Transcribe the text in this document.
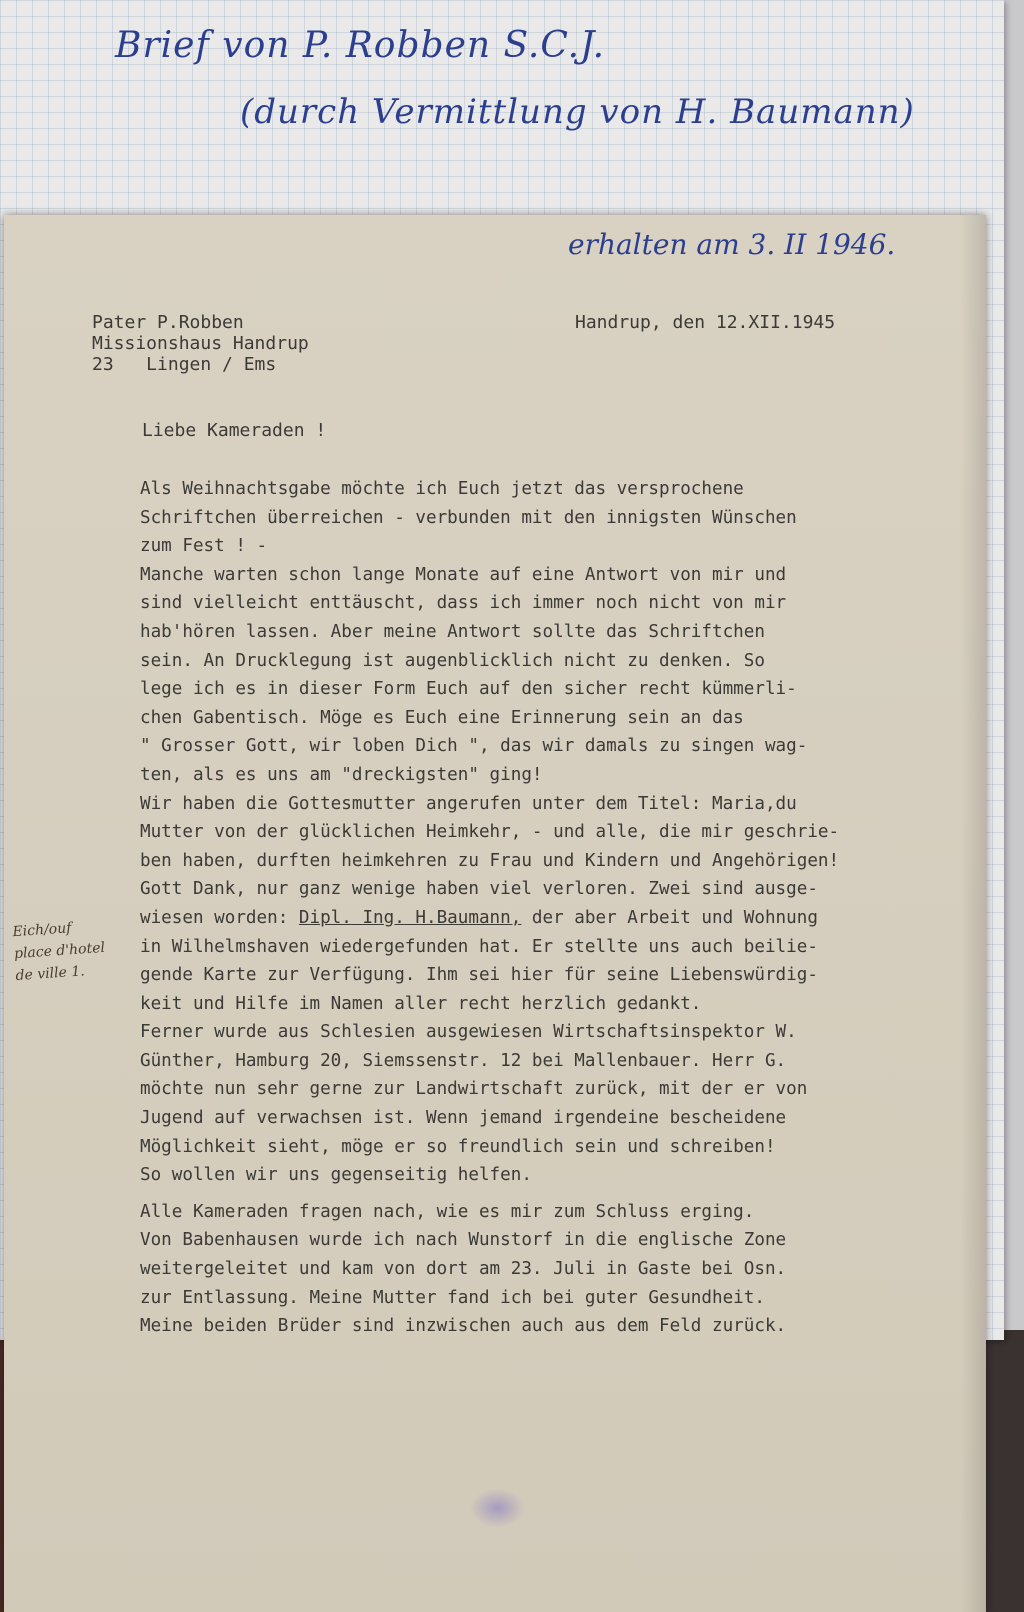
Brief von P. Robben S.C.J.
(durch Vermittlung von H. Baumann)
erhalten am 3. II 1946.
Pater P.Robben
Missionshaus Handrup
23   Lingen / Ems
Handrup, den 12.XII.1945
Liebe Kameraden !
Als Weihnachtsgabe möchte ich Euch jetzt das versprochene
Schriftchen überreichen - verbunden mit den innigsten Wünschen
zum Fest ! -
Manche warten schon lange Monate auf eine Antwort von mir und
sind vielleicht enttäuscht, dass ich immer noch nicht von mir
hab'hören lassen. Aber meine Antwort sollte das Schriftchen
sein. An Drucklegung ist augenblicklich nicht zu denken. So
lege ich es in dieser Form Euch auf den sicher recht kümmerli-
chen Gabentisch. Möge es Euch eine Erinnerung sein an das
" Grosser Gott, wir loben Dich ", das wir damals zu singen wag-
ten, als es uns am "dreckigsten" ging!
Wir haben die Gottesmutter angerufen unter dem Titel: Maria,du
Mutter von der glücklichen Heimkehr, - und alle, die mir geschrie-
ben haben, durften heimkehren zu Frau und Kindern und Angehörigen!
Gott Dank, nur ganz wenige haben viel verloren. Zwei sind ausge-
wiesen worden: Dipl. Ing. H.Baumann, der aber Arbeit und Wohnung
in Wilhelmshaven wiedergefunden hat. Er stellte uns auch beilie-
gende Karte zur Verfügung. Ihm sei hier für seine Liebenswürdig-
keit und Hilfe im Namen aller recht herzlich gedankt.
Ferner wurde aus Schlesien ausgewiesen Wirtschaftsinspektor W.
Günther, Hamburg 20, Siemssenstr. 12 bei Mallenbauer. Herr G.
möchte nun sehr gerne zur Landwirtschaft zurück, mit der er von
Jugend auf verwachsen ist. Wenn jemand irgendeine bescheidene
Möglichkeit sieht, möge er so freundlich sein und schreiben!
So wollen wir uns gegenseitig helfen.
Alle Kameraden fragen nach, wie es mir zum Schluss erging.
Von Babenhausen wurde ich nach Wunstorf in die englische Zone
weitergeleitet und kam von dort am 23. Juli in Gaste bei Osn.
zur Entlassung. Meine Mutter fand ich bei guter Gesundheit.
Meine beiden Brüder sind inzwischen auch aus dem Feld zurück.
Eich/ouf
place d'hotel
de ville 1.
